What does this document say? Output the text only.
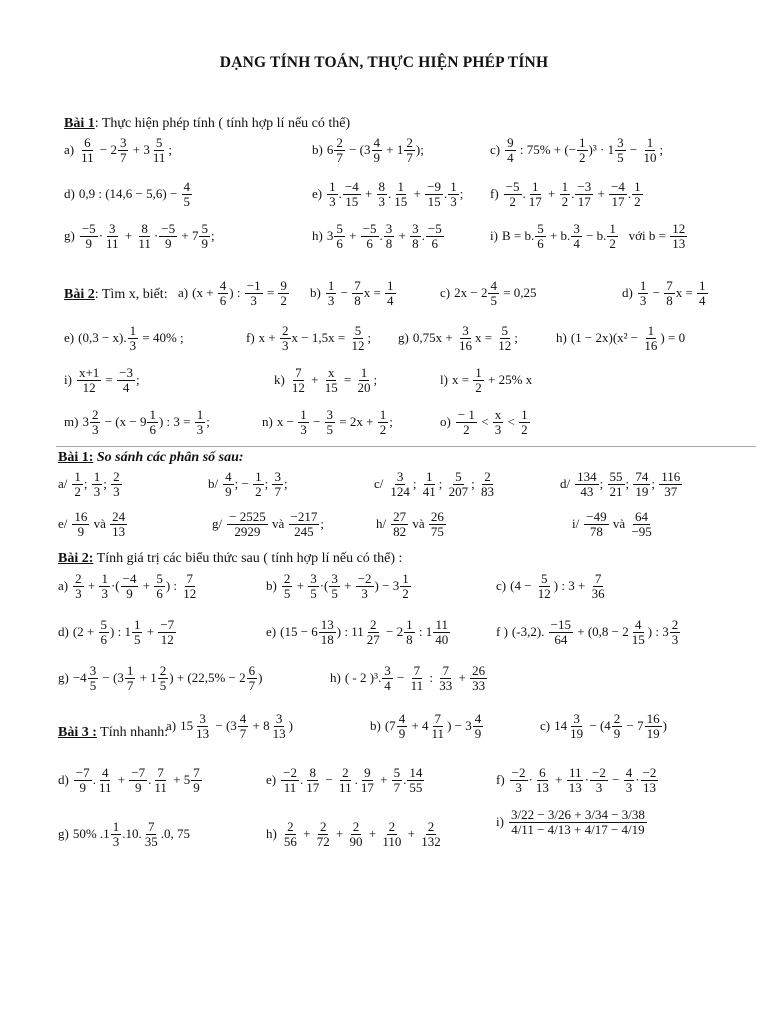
DẠNG TÍNH TOÁN, THỰC HIỆN PHÉP TÍNH
Bài 1: Thực hiện phép tính ( tính hợp lí nếu có thể)
Bài 2: Tìm x, biết:
Bài 1: So sánh các phân số sau:
Bài 2: Tính giá trị các biểu thức sau ( tính hợp lí nếu có thể) :
Bài 3 : Tính nhanh:
$a) \frac{6}{11} - 2 \frac{3}{7} + 3 \frac{5}{11}$ ;	b) $6 \frac{2}{7} - (3 \frac{4}{9} + 1 \frac{2}{7}$ );	$c) \frac{9}{4}$ : 75% + (− $\frac{1}{2} )^3 \cdot 1 \frac{3}{5} - \frac{1}{10}$ ;
d) 0,9 : $(14,6 - 5,6) - \frac{4}{5}$	$e) \frac{1}{3}$ . $\frac{-4}{15} + \frac{8}{3}$ . $\frac{1}{15} + \frac{-9}{15}$ . $\frac{1}{3}$ ; $f) \frac{-5}{2}$ . $\frac{1}{17} + \frac{1}{2}$ . $\frac{-3}{17} + \frac{-4}{17}$ . $\frac{1}{2}$
$g) \frac{-5}{9} \cdot \frac{3}{11} + \frac{8}{11} \cdot \frac{-5}{9} + 7 \frac{5}{9}$ ;	h) $3 \frac{5}{6} + \frac{-5}{6}$ . $\frac{3}{8} + \frac{3}{8}$ . $\frac{-5}{6}$	i) B = b. $\frac{5}{6} + b$. $\frac{3}{4} - b$. $\frac{1}{2}$ với $b = \frac{12}{13}$
a) ($x + \frac{4}{6}$ ) : $\frac{-1}{3} = \frac{9}{2} b) \frac{1}{3} - \frac{7}{8}$ $x = \frac{1}{4}$	c) $2x - 2 \frac{4}{5} = 0,25$	$d) \frac{1}{3} - \frac{7}{8}$ $x = \frac{1}{4}$
e) (0,3 − x). $\frac{1}{3} = 40\%$ ;	f) $x + \frac{2}{3}$ $x - 1,5x = \frac{5}{12}$ ; g) $0,75x + \frac{3}{16}$ $x = \frac{5}{12}$ ;	h) $(1 - 2x)(x^2 - \frac{1}{16}$ ) = 0
$i) \frac{x+1}{12} = \frac{-3}{4}$ ;	$k) \frac{7}{12} + \frac{x}{15} = \frac{1}{20}$ ;	l) $x = \frac{1}{2} + 25\%$ x
m) $3 \frac{2}{3} - (x - 9 \frac{1}{6}$ ) : $3 = \frac{1}{3}$ ;	n) $x - \frac{1}{3} - \frac{3}{5} = 2x + \frac{1}{2}$ ;	$o) \frac{- 1}{2} < \frac{x}{3} < \frac{1}{2}$
$a/ \frac{1}{2}$ ; $\frac{1}{3}$ ; $\frac{2}{3}$	$b/ \frac{4}{9}$ ; − $\frac{1}{2}$ ; $\frac{3}{7}$ ;	$c/ \frac{3}{124}$ ; $\frac{1}{41}$ ; $\frac{5}{207}$ ; $\frac{2}{83}$	$d/ \frac{134}{43}$ ; $\frac{55}{21}$ ; $\frac{74}{19}$ ; $\frac{116}{37}$
$e/ \frac{16}{9}$ và $\frac{24}{13}$	$g/ \frac{- 2525}{2929}$ và $\frac{-217}{245}$ ;	$h/ \frac{27}{82}$ và $\frac{26}{75}$	$i/ \frac{-49}{78}$ và $\frac{64}{-95}$
$a) \frac{2}{3} + \frac{1}{3}$ ·( $\frac{-4}{9} + \frac{5}{6}$ ) : $\frac{7}{12}$	$b) \frac{2}{5} + \frac{3}{5}$ ·( $\frac{3}{5} + \frac{-2}{3}$ ) − $3 \frac{1}{2}$	c) ($4 - \frac{5}{12}$ ) : $3 + \frac{7}{36}$
d) ($2 + \frac{5}{6}$ ) : $1 \frac{1}{5} + \frac{-7}{12}$	e) ($15 - 6 \frac{13}{18}$ ) : $11 \frac{2}{27} - 2 \frac{1}{8}$ : $1 \frac{11}{40}$	f ) (-3,2). $\frac{-15}{64} + (0,8 - 2 \frac{4}{15}$ ) : $3 \frac{2}{3}$
$g) -4 \frac{3}{5} - (3 \frac{1}{7} + 1 \frac{2}{5}$ ) + ($22,5\% - 2 \frac{6}{7}$ )	h) ( - 2 )³. $\frac{3}{4} - \frac{7}{11}$ : $\frac{7}{33} + \frac{26}{33}$
a) $15 \frac{3}{13} - (3 \frac{4}{7} + 8 \frac{3}{13}$ )	b) ($7 \frac{4}{9} + 4 \frac{7}{11}$ ) − $3 \frac{4}{9}$	c) $14 \frac{3}{19} - (4 \frac{2}{9} - 7 \frac{16}{19}$ )
$d) \frac{-7}{9}$ . $\frac{4}{11} + \frac{-7}{9}$ . $\frac{7}{11} + 5 \frac{7}{9}$	$e) \frac{-2}{11}$ . $\frac{8}{17} - \frac{2}{11}$ . $\frac{9}{17} + \frac{5}{7}$ . $\frac{14}{55}$	$f) \frac{-2}{3} \cdot \frac{6}{13} + \frac{11}{13} \cdot \frac{-2}{3} - \frac{4}{3} \cdot \frac{-2}{13}$
g) 50% $.1 \frac{1}{3} .10$. $\frac{7}{35} .0$, 75	$h) \frac{2}{56} + \frac{2}{72} + \frac{2}{90} + \frac{2}{110} + \frac{2}{132}$	$i) \frac{3/22 - 3/26 + 3/34 - 3/38}{4/11 - 4/13 + 4/17 - 4/19}$
